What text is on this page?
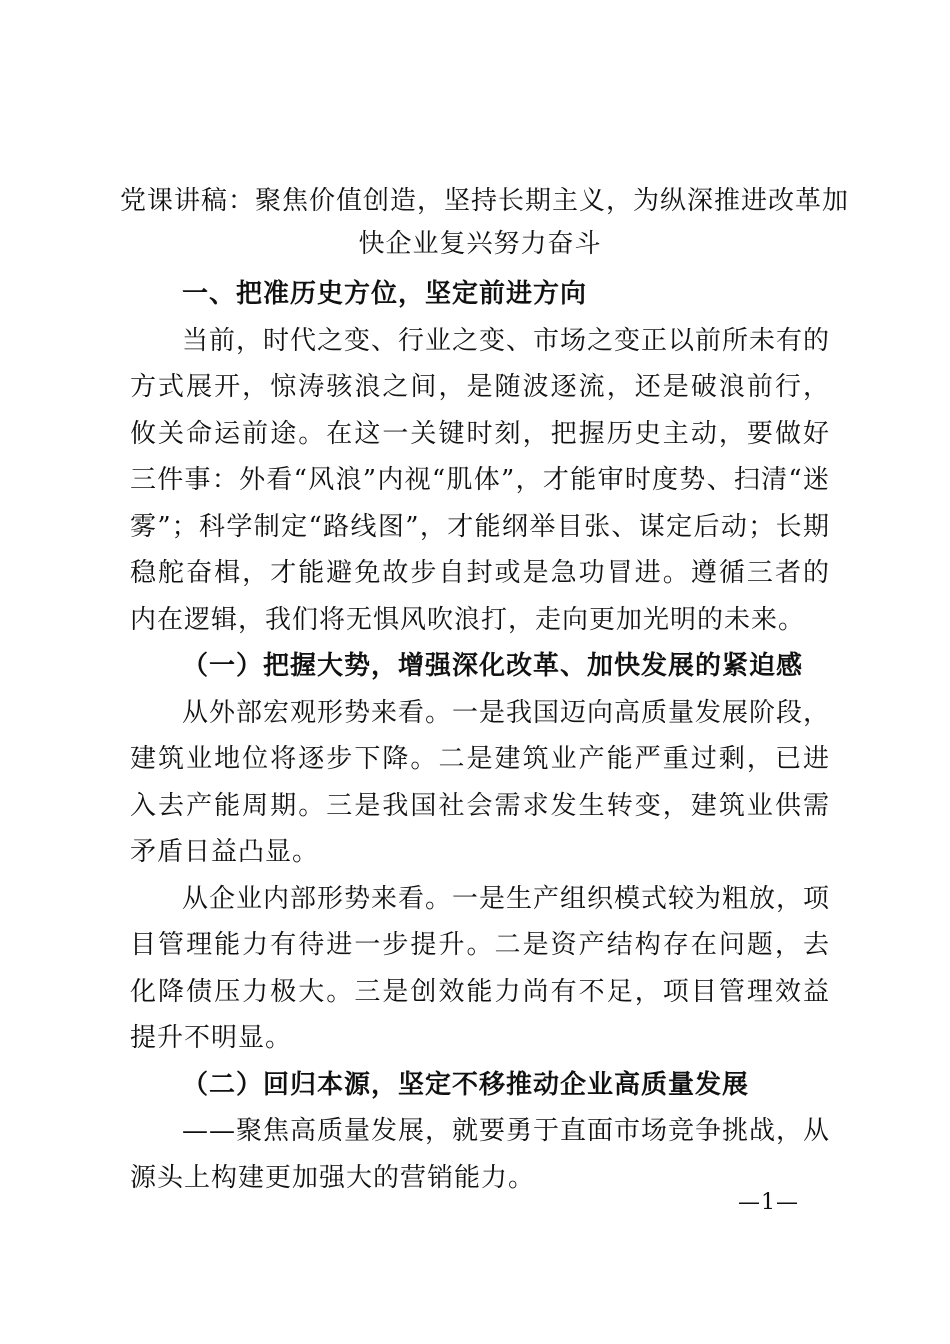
党课讲稿：聚焦价值创造，坚持长期主义，为纵深推进改革加
快企业复兴努力奋斗

一、把准历史方位，坚定前进方向

当前，时代之变、行业之变、市场之变正以前所未有的方式展开，惊涛骇浪之间，是随波逐流，还是破浪前行，攸关命运前途。在这一关键时刻，把握历史主动，要做好三件事：外看“风浪”内视“肌体”，才能审时度势、扫清“迷雾”；科学制定“路线图”，才能纲举目张、谋定后动；长期稳舵奋楫，才能避免故步自封或是急功冒进。遵循三者的内在逻辑，我们将无惧风吹浪打，走向更加光明的未来。

（一）把握大势，增强深化改革、加快发展的紧迫感

从外部宏观形势来看。一是我国迈向高质量发展阶段，建筑业地位将逐步下降。二是建筑业产能严重过剩，已进入去产能周期。三是我国社会需求发生转变，建筑业供需矛盾日益凸显。

从企业内部形势来看。一是生产组织模式较为粗放，项目管理能力有待进一步提升。二是资产结构存在问题，去化降债压力极大。三是创效能力尚有不足，项目管理效益提升不明显。

（二）回归本源，坚定不移推动企业高质量发展

——聚焦高质量发展，就要勇于直面市场竞争挑战，从源头上构建更加强大的营销能力。

—1—
